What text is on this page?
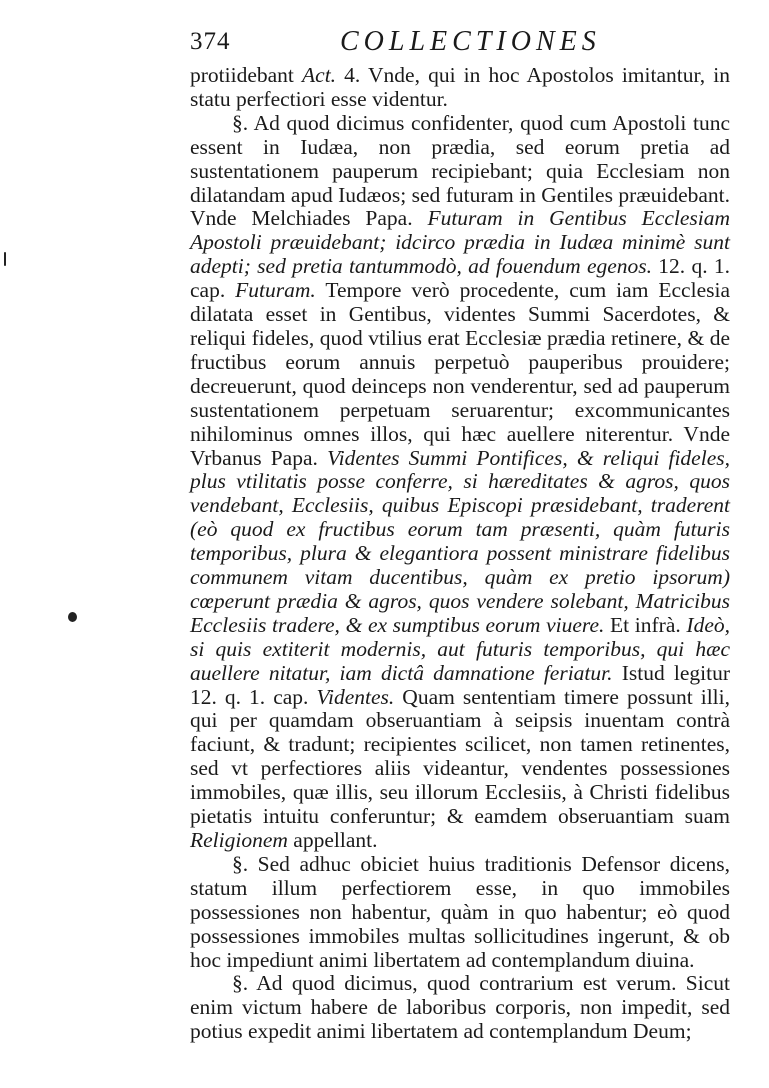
374	COLLECTIONES

protiidebant Act. 4. Vnde, qui in hoc Apostolos imitantur, in statu perfectiori esse videntur.

§. Ad quod dicimus confidenter, quod cum Apostoli tunc essent in Iudæa, non prædia, sed eorum pretia ad sustentationem pauperum recipiebant; quia Ecclesiam non dilatandam apud Iudæos; sed futuram in Gentiles præuidebant. Vnde Melchiades Papa. Futuram in Gentibus Ecclesiam Apostoli præuidebant; idcirco prædia in Iudæa minimè sunt adepti; sed pretia tantummodò, ad fouendum egenos. 12. q. 1. cap. Futuram. Tempore verò procedente, cum iam Ecclesia dilatata esset in Gentibus, videntes Summi Sacerdotes, & reliqui fideles, quod vtilius erat Ecclesiæ prædia retinere, & de fructibus eorum annuis perpetuò pauperibus prouidere; decreuerunt, quod deinceps non venderentur, sed ad pauperum sustentationem perpetuam seruarentur; excommunicantes nihilominus omnes illos, qui hæc auellere niterentur. Vnde Vrbanus Papa. Videntes Summi Pontifices, & reliqui fideles, plus vtilitatis posse conferre, si hæreditates & agros, quos vendebant, Ecclesiis, quibus Episcopi præsidebant, traderent (eò quod ex fructibus eorum tam præsenti, quàm futuris temporibus, plura & elegantiora possent ministrare fidelibus communem vitam ducentibus, quàm ex pretio ipsorum) cœperunt prædia & agros, quos vendere solebant, Matricibus Ecclesiis tradere, & ex sumptibus eorum viuere. Et infrà. Ideò, si quis extiterit modernis, aut futuris temporibus, qui hæc auellere nitatur, iam dictâ damnatione feriatur. Istud legitur 12. q. 1. cap. Videntes. Quam sententiam timere possunt illi, qui per quamdam obseruantiam à seipsis inuentam contrà faciunt, & tradunt; recipientes scilicet, non tamen retinentes, sed vt perfectiores aliis videantur, vendentes possessiones immobiles, quæ illis, seu illorum Ecclesiis, à Christi fidelibus pietatis intuitu conferuntur; & eamdem obseruantiam suam Religionem appellant.

§. Sed adhuc obiciet huius traditionis Defensor dicens, statum illum perfectiorem esse, in quo immobiles possessiones non habentur, quàm in quo habentur; eò quod possessiones immobiles multas sollicitudines ingerunt, & ob hoc impediunt animi libertatem ad contemplandum diuina.

§. Ad quod dicimus, quod contrarium est verum. Sicut enim victum habere de laboribus corporis, non impedit, sed potius expedit animi libertatem ad contemplandum Deum;
